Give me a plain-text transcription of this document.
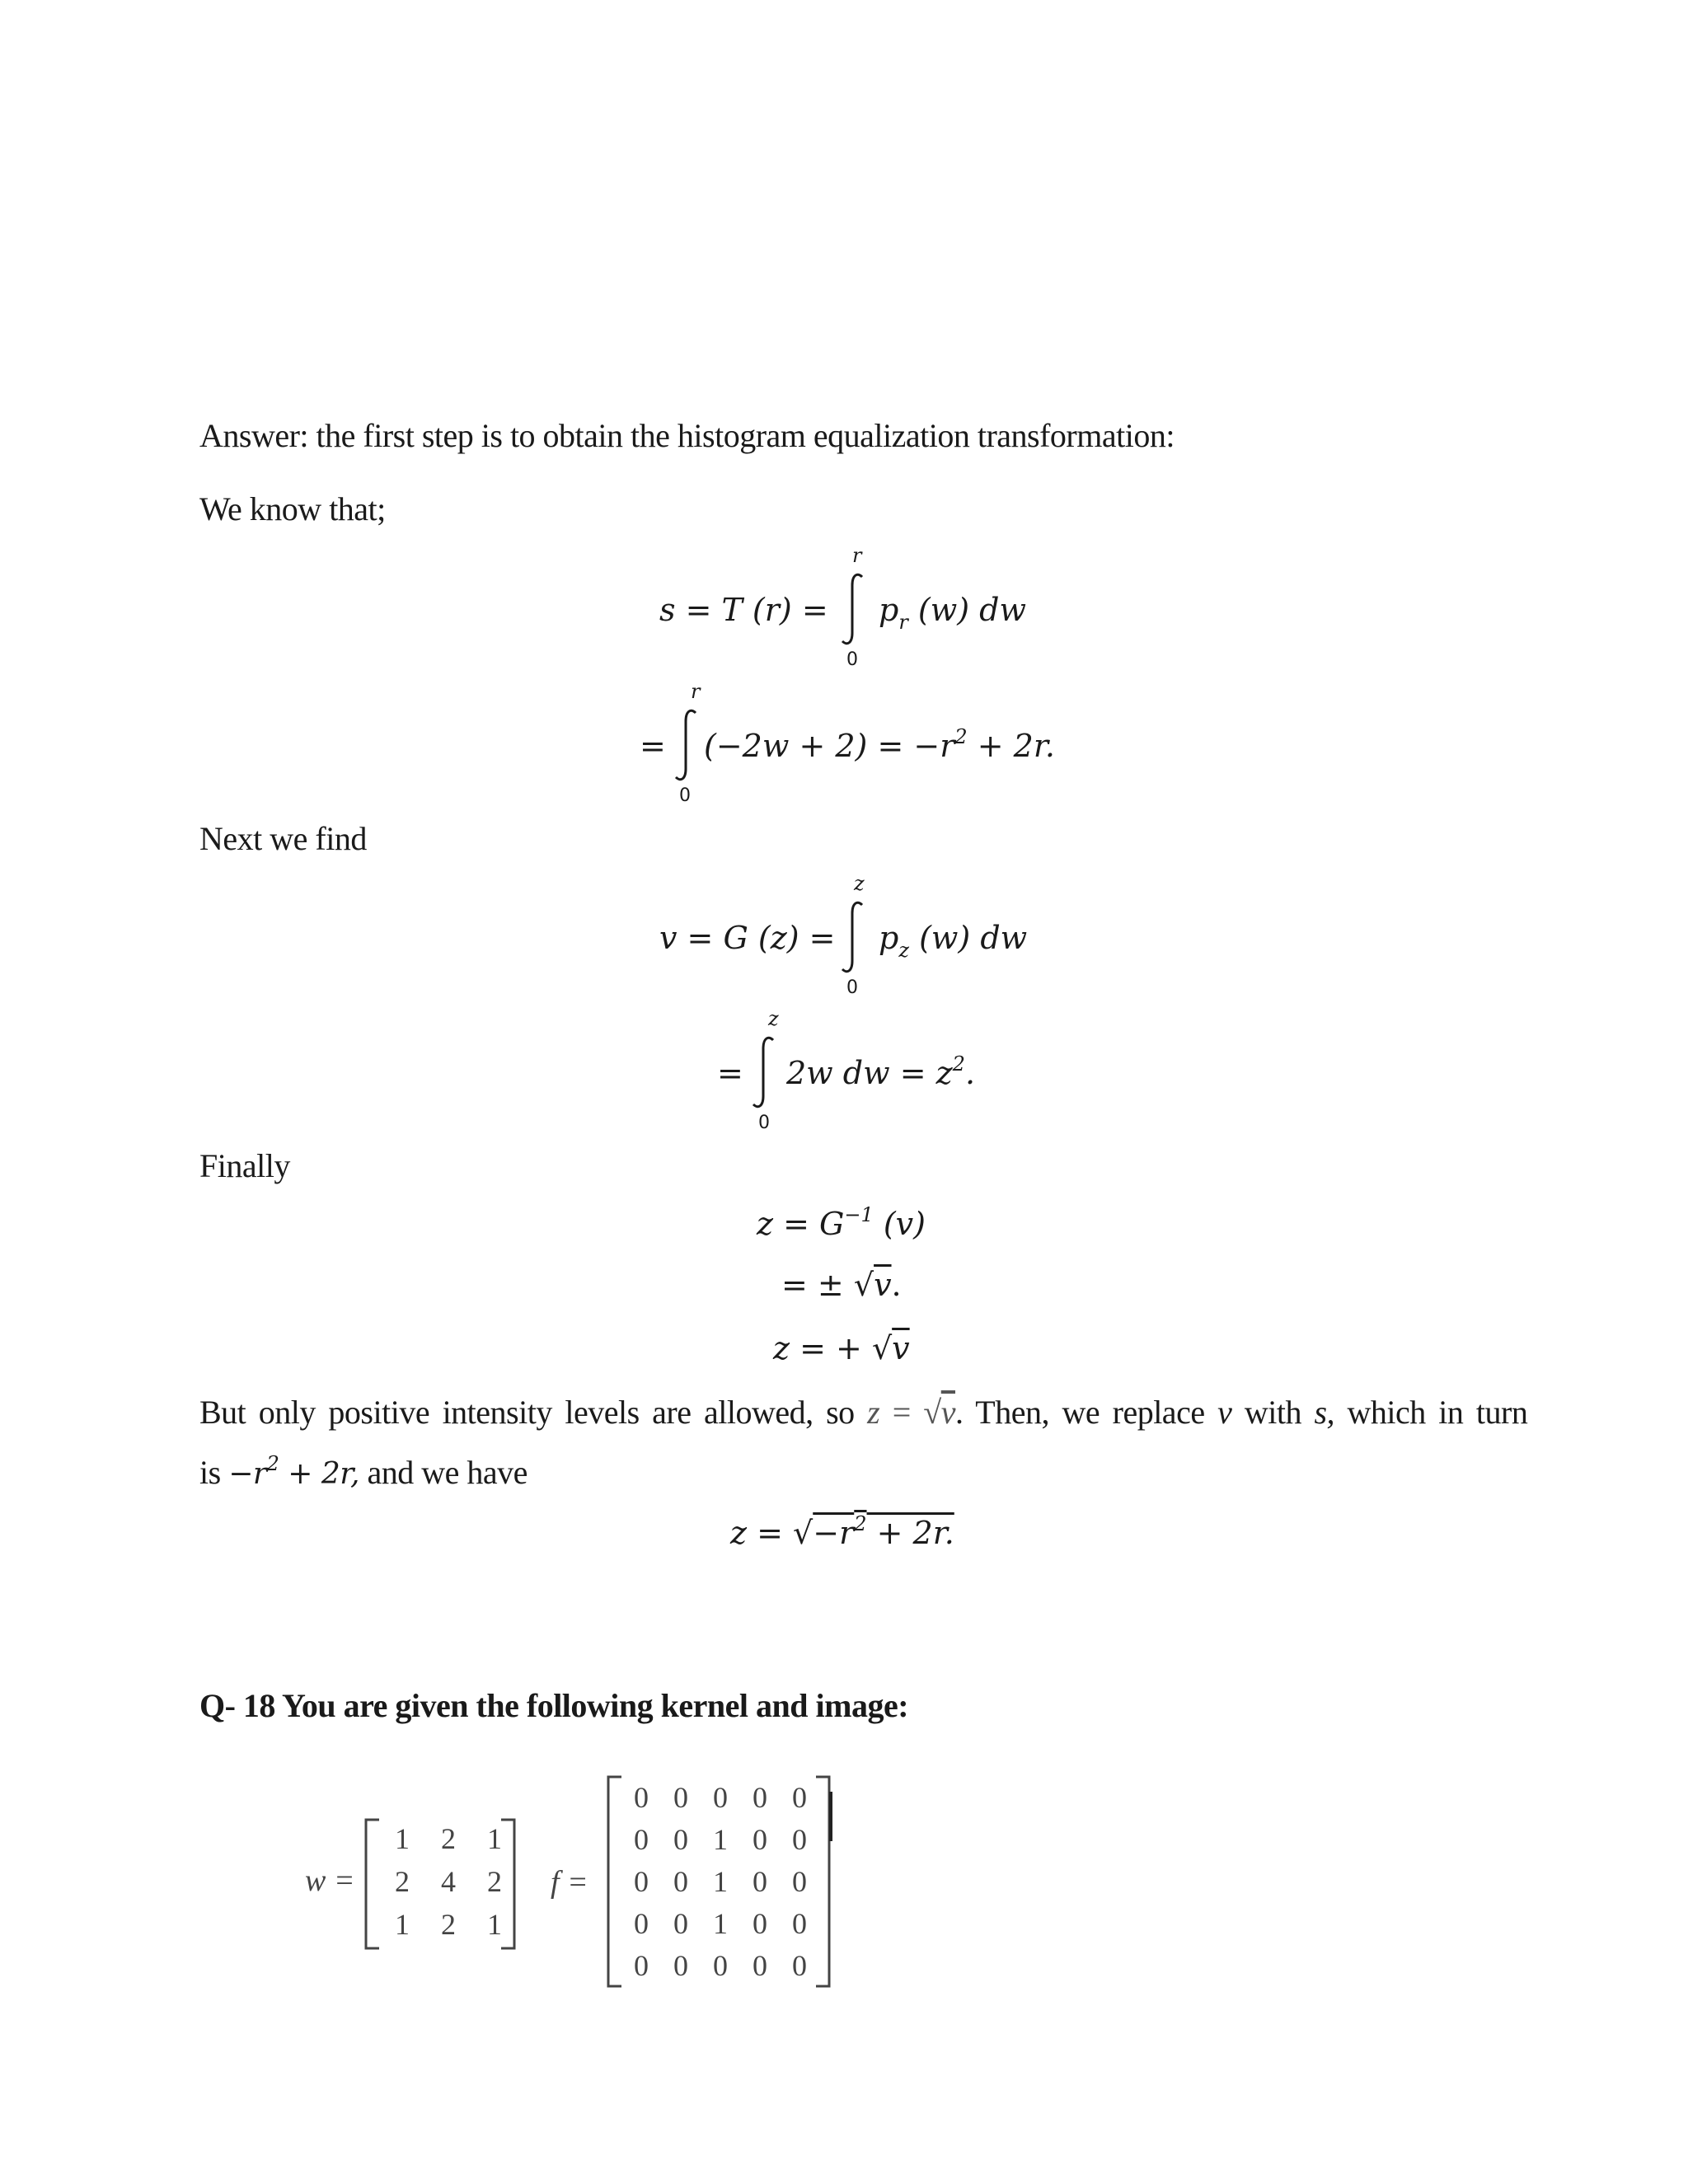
Answer: the first step is to obtain the histogram equalization transformation:
We know that;
s = T (r) =
r
0
$p_r$ (w) dw
=
r
0
$(-2w + 2) = -r^2 + 2r$.
Next we find
v = G (z) =
z
0
$p_z$ (w) dw
=
z
0
2w dw = $z^2$.
Finally
$z = G^{-1}$ (v)
= ± √v.
z = + √v
But only positive intensity levels are allowed, so z = √v. Then, we replace v with s, which in turn
is $-r^2 + 2r$, and we have
$z = √-r^2 + 2r$.
Q- 18 You are given the following kernel and image:
w =
1	2	1
2	4	2
1	2	1
f =
0 0 0 0 0
0 0 1 0 0
0 0 1 0 0
0 0 1 0 0
0 0 0 0 0
